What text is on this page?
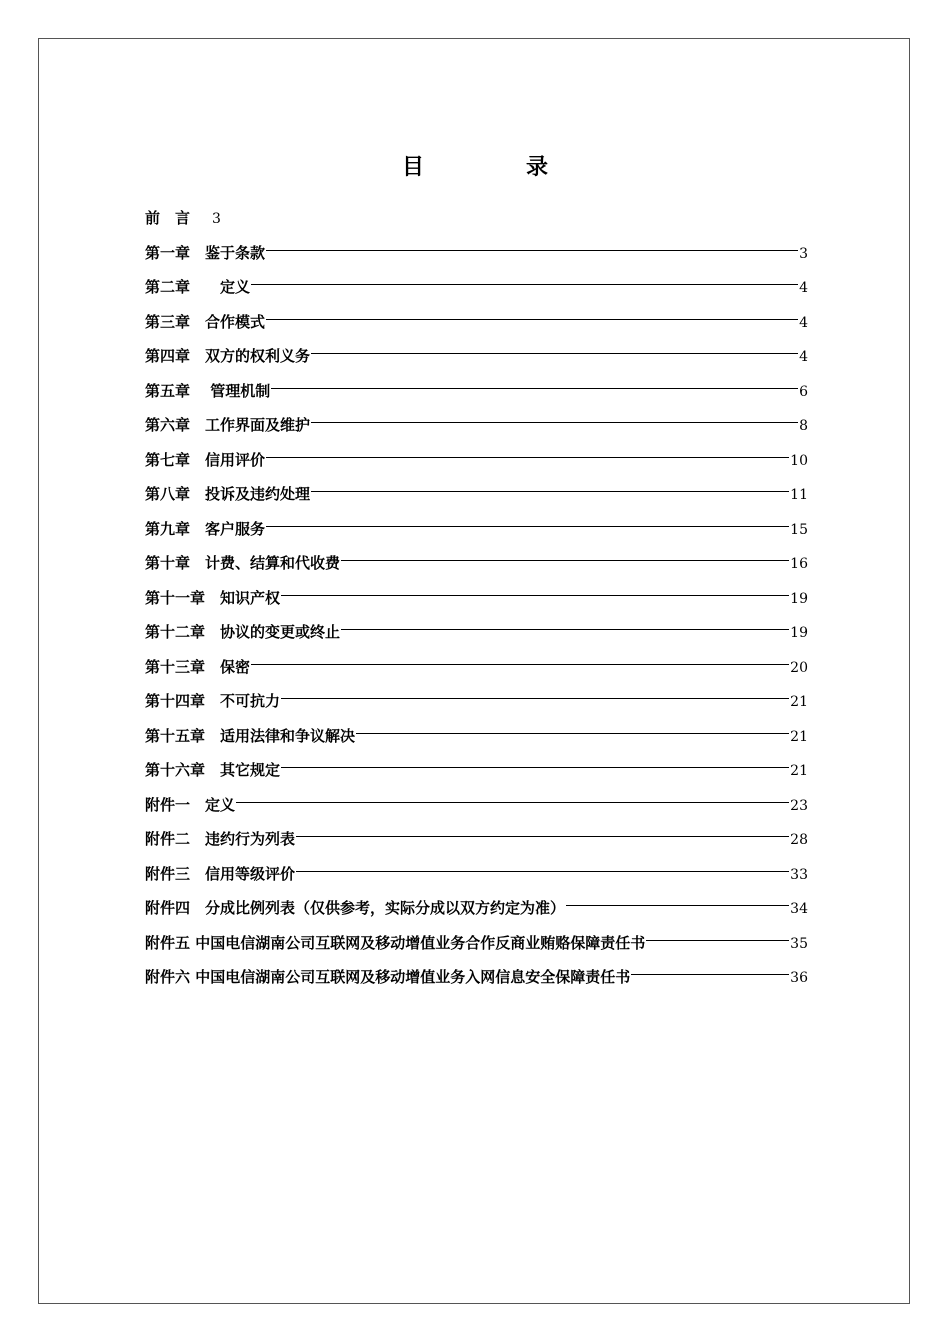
目　录
前　言 3
第一章　鉴于条款	3
第二章　　定义	4
第三章　合作模式	4
第四章　双方的权利义务	4
第五章　 管理机制	6
第六章　工作界面及维护	8
第七章　信用评价	10
第八章　投诉及违约处理	11
第九章　客户服务	15
第十章　计费、结算和代收费	16
第十一章　知识产权	19
第十二章　协议的变更或终止	19
第十三章　保密	20
第十四章　不可抗力	21
第十五章　适用法律和争议解决	21
第十六章　其它规定	21
附件一　定义	23
附件二　违约行为列表	28
附件三　信用等级评价	33
附件四　分成比例列表（仅供参考，实际分成以双方约定为准）	34
附件五 中国电信湖南公司互联网及移动增值业务合作反商业贿赂保障责任书	35
附件六 中国电信湖南公司互联网及移动增值业务入网信息安全保障责任书	36
